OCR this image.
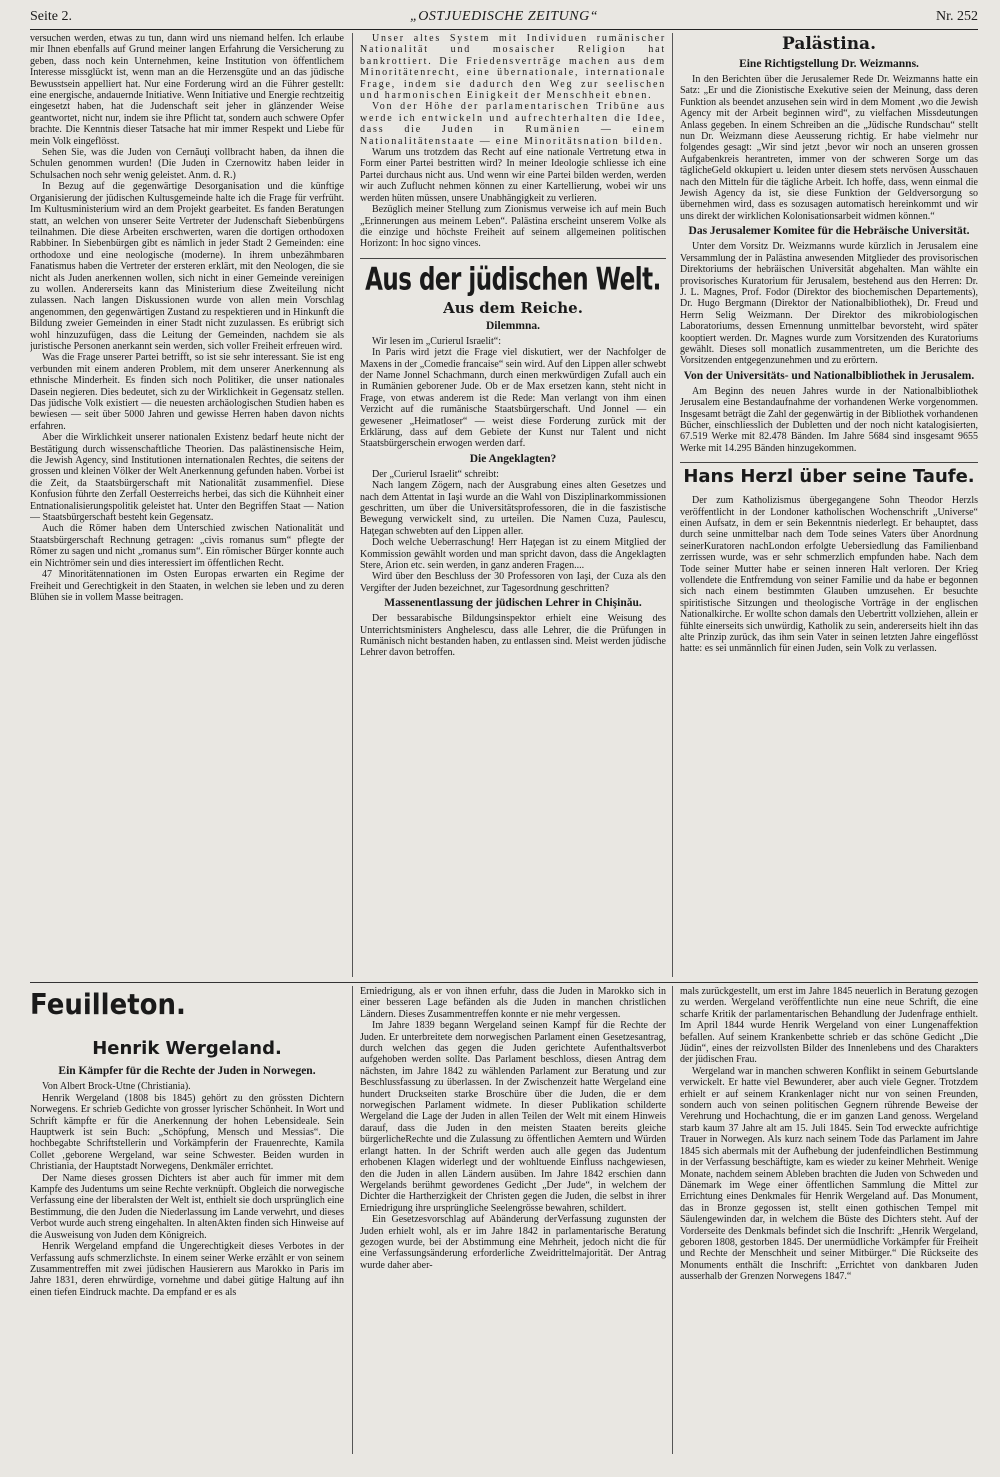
Seite 2.	„OSTJUEDISCHE ZEITUNG“	Nr. 252

versuchen werden, etwas zu tun, dann wird uns niemand helfen. Ich erlaube mir Ihnen ebenfalls auf Grund meiner langen Erfahrung die Versicherung zu geben, dass noch kein Unternehmen, keine Institution von öffentlichem Interesse missglückt ist, wenn man an die Herzensgüte und an das jüdische Bewusstsein appelliert hat. Nur eine Forderung wird an die Führer gestellt: eine energische, andauernde Initiative. Wenn Initiative und Energie rechtzeitig eingesetzt haben, hat die Judenschaft seit jeher in glänzender Weise geantwortet, nicht nur, indem sie ihre Pflicht tat, sondern auch schwere Opfer brachte. Die Kenntnis dieser Tatsache hat mir immer Respekt und Liebe für mein Volk eingeflösst.

Sehen Sie, was die Juden von Cernăuţi vollbracht haben, da ihnen die Schulen genommen wurden! (Die Juden in Czernowitz haben leider in Schulsachen noch sehr wenig geleistet. Anm. d. R.)

In Bezug auf die gegenwärtige Desorganisation und die künftige Organisierung der jüdischen Kultusgemeinde halte ich die Frage für verfrüht. Im Kultusministerium wird an dem Projekt gearbeitet. Es fanden Beratungen statt, an welchen von unserer Seite Vertreter der Judenschaft Siebenbürgens teilnahmen. Die diese Arbeiten erschwerten, waren die dortigen orthodoxen Rabbiner. In Siebenbürgen gibt es nämlich in jeder Stadt 2 Gemeinden: eine orthodoxe und eine neologische (moderne). In ihrem unbezähmbaren Fanatismus haben die Vertreter der ersteren erklärt, mit den Neologen, die sie nicht als Juden anerkennen wollen, sich nicht in einer Gemeinde vereinigen zu wollen. Andererseits kann das Ministerium diese Zweiteilung nicht zulassen. Nach langen Diskussionen wurde von allen mein Vorschlag angenommen, den gegenwärtigen Zustand zu respektieren und in Hinkunft die Bildung zweier Gemeinden in einer Stadt nicht zuzulassen. Es erübrigt sich wohl hinzuzufügen, dass die Leitung der Gemeinden, nachdem sie als juristische Personen anerkannt sein werden, sich voller Freiheit erfreuen wird.

Was die Frage unserer Partei betrifft, so ist sie sehr interessant. Sie ist eng verbunden mit einem anderen Problem, mit dem unserer Anerkennung als ethnische Minderheit. Es finden sich noch Politiker, die unser nationales Dasein negieren. Dies bedeutet, sich zu der Wirklichkeit in Gegensatz stellen. Das jüdische Volk existiert — die neuesten archäologischen Studien haben es bewiesen — seit über 5000 Jahren und gewisse Herren haben davon nichts erfahren.

Aber die Wirklichkeit unserer nationalen Existenz bedarf heute nicht der Bestätigung durch wissenschaftliche Theorien. Das palästinensische Heim, die Jewish Agency, sind Institutionen internationalen Rechtes, die seitens der grossen und kleinen Völker der Welt Anerkennung gefunden haben. Vorbei ist die Zeit, da Staatsbürgerschaft mit Nationalität zusammenfiel. Diese Konfusion führte den Zerfall Oesterreichs herbei, das sich die Kühnheit einer Entnationalisierungspolitik geleistet hat. Unter den Begriffen Staat — Nation — Staatsbürgerschaft besteht kein Gegensatz.

Auch die Römer haben dem Unterschied zwischen Nationalität und Staatsbürgerschaft Rechnung getragen: „civis romanus sum“ pflegte der Römer zu sagen und nicht „romanus sum“. Ein römischer Bürger konnte auch ein Nichtrömer sein und dies interessiert im öffentlichen Recht.

47 Minoritätennationen im Osten Europas erwarten ein Regime der Freiheit und Gerechtigkeit in den Staaten, in welchen sie leben und zu deren Blühen sie in vollem Masse beitragen.

Unser altes System mit Individuen rumänischer Nationalität und mosaischer Religion hat bankrottiert. Die Friedensverträge machen aus dem Minoritätenrecht, eine übernationale, internationale Frage, indem sie dadurch den Weg zur seelischen und harmonischen Einigkeit der Menschheit ebnen.

Von der Höhe der parlamentarischen Tribüne aus werde ich entwickeln und aufrechterhalten die Idee, dass die Juden in Rumänien — einem Nationalitätenstaate — eine Minoritätsnation bilden.

Warum uns trotzdem das Recht auf eine nationale Vertretung etwa in Form einer Partei bestritten wird? In meiner Ideologie schliesse ich eine Partei durchaus nicht aus. Und wenn wir eine Partei bilden werden, werden wir auch Zuflucht nehmen können zu einer Kartellierung, wobei wir uns werden hüten müssen, unsere Unabhängigkeit zu verlieren.

Bezüglich meiner Stellung zum Zionismus verweise ich auf mein Buch „Erinnerungen aus meinem Leben“. Palästina erscheint unserem Volke als die einzige und höchste Freiheit auf seinem allgemeinen politischen Horizont: In hoc signo vinces.

Aus der jüdischen Welt.
Aus dem Reiche.
Dilemmna.

Wir lesen im „Curierul Israelit“:

In Paris wird jetzt die Frage viel diskutiert, wer der Nachfolger de Maxens in der „Comedie francaise“ sein wird. Auf den Lippen aller schwebt der Name Jonnel Schachmann, durch einen merkwürdigen Zufall auch ein in Rumänien geborener Jude. Ob er de Max ersetzen kann, steht nicht in Frage, von etwas anderem ist die Rede: Man verlangt von ihm einen Verzicht auf die rumänische Staatsbürgerschaft. Und Jonnel — ein gewesener „Heimatloser“ — weist diese Forderung zurück mit der Erklärung, dass auf dem Gebiete der Kunst nur Talent und nicht Staatsbürgerschein erwogen werden darf.

Die Angeklagten?

Der „Curierul Israelit“ schreibt:

Nach langem Zögern, nach der Ausgrabung eines alten Gesetzes und nach dem Attentat in Iaşi wurde an die Wahl von Disziplinarkommissionen geschritten, um über die Universitätsprofessoren, die in die faszistische Bewegung verwickelt sind, zu urteilen. Die Namen Cuza, Paulescu, Haţegan schwebten auf den Lippen aller.

Doch welche Ueberraschung! Herr Haţegan ist zu einem Mitglied der Kommission gewählt worden und man spricht davon, dass die Angeklagten Stere, Arion etc. sein werden, in ganz anderen Fragen....

Wird über den Beschluss der 30 Professoren von Iaşi, der Cuza als den Vergifter der Juden bezeichnet, zur Tagesordnung geschritten?

Massenentlassung der jüdischen Lehrer in Chişinău.

Der bessarabische Bildungsinspektor erhielt eine Weisung des Unterrichtsministers Anghelescu, dass alle Lehrer, die die Prüfungen in Rumänisch nicht bestanden haben, zu entlassen sind. Meist werden jüdische Lehrer davon betroffen.

Palästina.
Eine Richtigstellung Dr. Weizmanns.

In den Berichten über die Jerusalemer Rede Dr. Weizmanns hatte ein Satz: „Er und die Zionistische Exekutive seien der Meinung, dass deren Funktion als beendet anzusehen sein wird in dem Moment ‚wo die Jewish Agency mit der Arbeit beginnen wird“, zu vielfachen Missdeutungen Anlass gegeben. In einem Schreiben an die „Jüdische Rundschau“ stellt nun Dr. Weizmann diese Aeusserung richtig. Er habe vielmehr nur folgendes gesagt: „Wir sind jetzt ‚bevor wir noch an unseren grossen Aufgabenkreis herantreten, immer von der schweren Sorge um das täglicheGeld okkupiert u. leiden unter diesem stets nervösen Ausschauen nach den Mitteln für die tägliche Arbeit. Ich hoffe, dass, wenn einmal die Jewish Agency da ist, sie diese Funktion der Geldversorgung so übernehmen wird, dass es sozusagen automatisch hereinkommt und wir uns direkt der wirklichen Kolonisationsarbeit widmen können.“

Das Jerusalemer Komitee für die Hebräische Universität.

Unter dem Vorsitz Dr. Weizmanns wurde kürzlich in Jerusalem eine Versammlung der in Palästina anwesenden Mitglieder des provisorischen Direktoriums der hebräischen Universität abgehalten. Man wählte ein provisorisches Kuratorium für Jerusalem, bestehend aus den Herren: Dr. J. L. Magnes, Prof. Fodor (Direktor des biochemischen Departements), Dr. Hugo Bergmann (Direktor der Nationalbibliothek), Dr. Freud und Herrn Selig Weizmann. Der Direktor des mikrobiologischen Laboratoriums, dessen Ernennung unmittelbar bevorsteht, wird später kooptiert werden. Dr. Magnes wurde zum Vorsitzenden des Kuratoriums gewählt. Dieses soll monatlich zusammentreten, um die Berichte des Vorsitzenden entgegenzunehmen und zu erörtern.

Von der Universitäts- und Nationalbibliothek in Jerusalem.

Am Beginn des neuen Jahres wurde in der Nationalbibliothek Jerusalem eine Bestandaufnahme der vorhandenen Werke vorgenommen. Insgesamt beträgt die Zahl der gegenwärtig in der Bibliothek vorhandenen Bücher, einschliesslich der Dubletten und der noch nicht katalogisierten, 67.519 Werke mit 82.478 Bänden. Im Jahre 5684 sind insgesamt 9655 Werke mit 14.295 Bänden hinzugekommen.

Hans Herzl über seine Taufe.

Der zum Katholizismus übergegangene Sohn Theodor Herzls veröffentlicht in der Londoner katholischen Wochenschrift „Universe“ einen Aufsatz, in dem er sein Bekenntnis niederlegt. Er behauptet, dass durch seine unmittelbar nach dem Tode seines Vaters über Anordnung seinerKuratoren nachLondon erfolgte Uebersiedlung das Familienband zerrissen wurde, was er sehr schmerzlich empfunden habe. Nach dem Tode seiner Mutter habe er seinen inneren Halt verloren. Der Krieg vollendete die Entfremdung von seiner Familie und da habe er begonnen sich nach einem bestimmten Glauben umzusehen. Er besuchte spiritistische Sitzungen und theologische Vorträge in der englischen Nationalkirche. Er wollte schon damals den Uebertritt vollziehen, allein er fühlte einerseits sich unwürdig, Katholik zu sein, andererseits hielt ihn das alte Prinzip zurück, das ihm sein Vater in seinen letzten Jahre eingeflösst hatte: es sei unmännlich für einen Juden, sein Volk zu verlassen.

Feuilleton.
Henrik Wergeland.
Ein Kämpfer für die Rechte der Juden in Norwegen.

Von Albert Brock-Utne (Christiania).

Henrik Wergeland (1808 bis 1845) gehört zu den grössten Dichtern Norwegens. Er schrieb Gedichte von grosser lyrischer Schönheit. In Wort und Schrift kämpfte er für die Anerkennung der hohen Lebensideale. Sein Hauptwerk ist sein Buch: „Schöpfung, Mensch und Messias“. Die hochbegabte Schriftstellerin und Vorkämpferin der Frauenrechte, Kamila Collet ‚geborene Wergeland, war seine Schwester. Beiden wurden in Christiania, der Hauptstadt Norwegens, Denkmäler errichtet.

Der Name dieses grossen Dichters ist aber auch für immer mit dem Kampfe des Judentums um seine Rechte verknüpft. Obgleich die norwegische Verfassung eine der liberalsten der Welt ist, enthielt sie doch ursprünglich eine Bestimmung, die den Juden die Niederlassung im Lande verwehrt, und dieses Verbot wurde auch streng eingehalten. In altenAkten finden sich Hinweise auf die Ausweisung von Juden dem Königreich.

Henrik Wergeland empfand die Ungerechtigkeit dieses Verbotes in der Verfassung aufs schmerzlichste. In einem seiner Werke erzählt er von seinem Zusammentreffen mit zwei jüdischen Hausierern aus Marokko in Paris im Jahre 1831, deren ehrwürdige, vornehme und dabei gütige Haltung auf ihn einen tiefen Eindruck machte. Da empfand er es als

Erniedrigung, als er von ihnen erfuhr, dass die Juden in Marokko sich in einer besseren Lage befänden als die Juden in manchen christlichen Ländern. Dieses Zusammentreffen konnte er nie mehr vergessen.

Im Jahre 1839 begann Wergeland seinen Kampf für die Rechte der Juden. Er unterbreitete dem norwegischen Parlament einen Gesetzesantrag, durch welchen das gegen die Juden gerichtete Aufenthaltsverbot aufgehoben werden sollte. Das Parlament beschloss, diesen Antrag dem nächsten, im Jahre 1842 zu wählenden Parlament zur Beratung und zur Beschlussfassung zu überlassen. In der Zwischenzeit hatte Wergeland eine hundert Druckseiten starke Broschüre über die Juden, die er dem norwegischen Parlament widmete. In dieser Publikation schilderte Wergeland die Lage der Juden in allen Teilen der Welt mit einem Hinweis darauf, dass die Juden in den meisten Staaten bereits gleiche bürgerlicheRechte und die Zulassung zu öffentlichen Aemtern und Würden erlangt hatten. In der Schrift werden auch alle gegen das Judentum erhobenen Klagen widerlegt und der wohltuende Einfluss nachgewiesen, den die Juden in allen Ländern ausüben. Im Jahre 1842 erschien dann Wergelands berühmt gewordenes Gedicht „Der Jude“, in welchem der Dichter die Hartherzigkeit der Christen gegen die Juden, die selbst in ihrer Erniedrigung ihre ursprüngliche Seelengrösse bewahren, schildert.

Ein Gesetzesvorschlag auf Abänderung derVerfassung zugunsten der Juden erhielt wohl, als er im Jahre 1842 in parlamentarische Beratung gezogen wurde, bei der Abstimmung eine Mehrheit, jedoch nicht die für eine Verfassungsänderung erforderliche Zweidrittelmajorität. Der Antrag wurde daher aber-

mals zurückgestellt, um erst im Jahre 1845 neuerlich in Beratung gezogen zu werden. Wergeland veröffentlichte nun eine neue Schrift, die eine scharfe Kritik der parlamentarischen Behandlung der Judenfrage enthielt. Im April 1844 wurde Henrik Wergeland von einer Lungenaffektion befallen. Auf seinem Krankenbette schrieb er das schöne Gedicht „Die Jüdin“, eines der reizvollsten Bilder des Innenlebens und des Charakters der jüdischen Frau.

Wergeland war in manchen schweren Konflikt in seinem Geburtslande verwickelt. Er hatte viel Bewunderer, aber auch viele Gegner. Trotzdem erhielt er auf seinem Krankenlager nicht nur von seinen Freunden, sondern auch von seinen politischen Gegnern rührende Beweise der Verehrung und Hochachtung, die er im ganzen Land genoss. Wergeland starb kaum 37 Jahre alt am 15. Juli 1845. Sein Tod erweckte aufrichtige Trauer in Norwegen. Als kurz nach seinem Tode das Parlament im Jahre 1845 sich abermals mit der Aufhebung der judenfeindlichen Bestimmung in der Verfassung beschäftigte, kam es wieder zu keiner Mehrheit. Wenige Monate, nachdem seinem Ableben brachten die Juden von Schweden und Dänemark im Wege einer öffentlichen Sammlung die Mittel zur Errichtung eines Denkmales für Henrik Wergeland auf. Das Monument, das in Bronze gegossen ist, stellt einen gothischen Tempel mit Säulengewinden dar, in welchem die Büste des Dichters steht. Auf der Vorderseite des Denkmals befindet sich die Inschrift: „Henrik Wergeland, geboren 1808, gestorben 1845. Der unermüdliche Vorkämpfer für Freiheit und Rechte der Menschheit und seiner Mitbürger.“ Die Rückseite des Monuments enthält die Inschrift: „Errichtet von dankbaren Juden ausserhalb der Grenzen Norwegens 1847.“
